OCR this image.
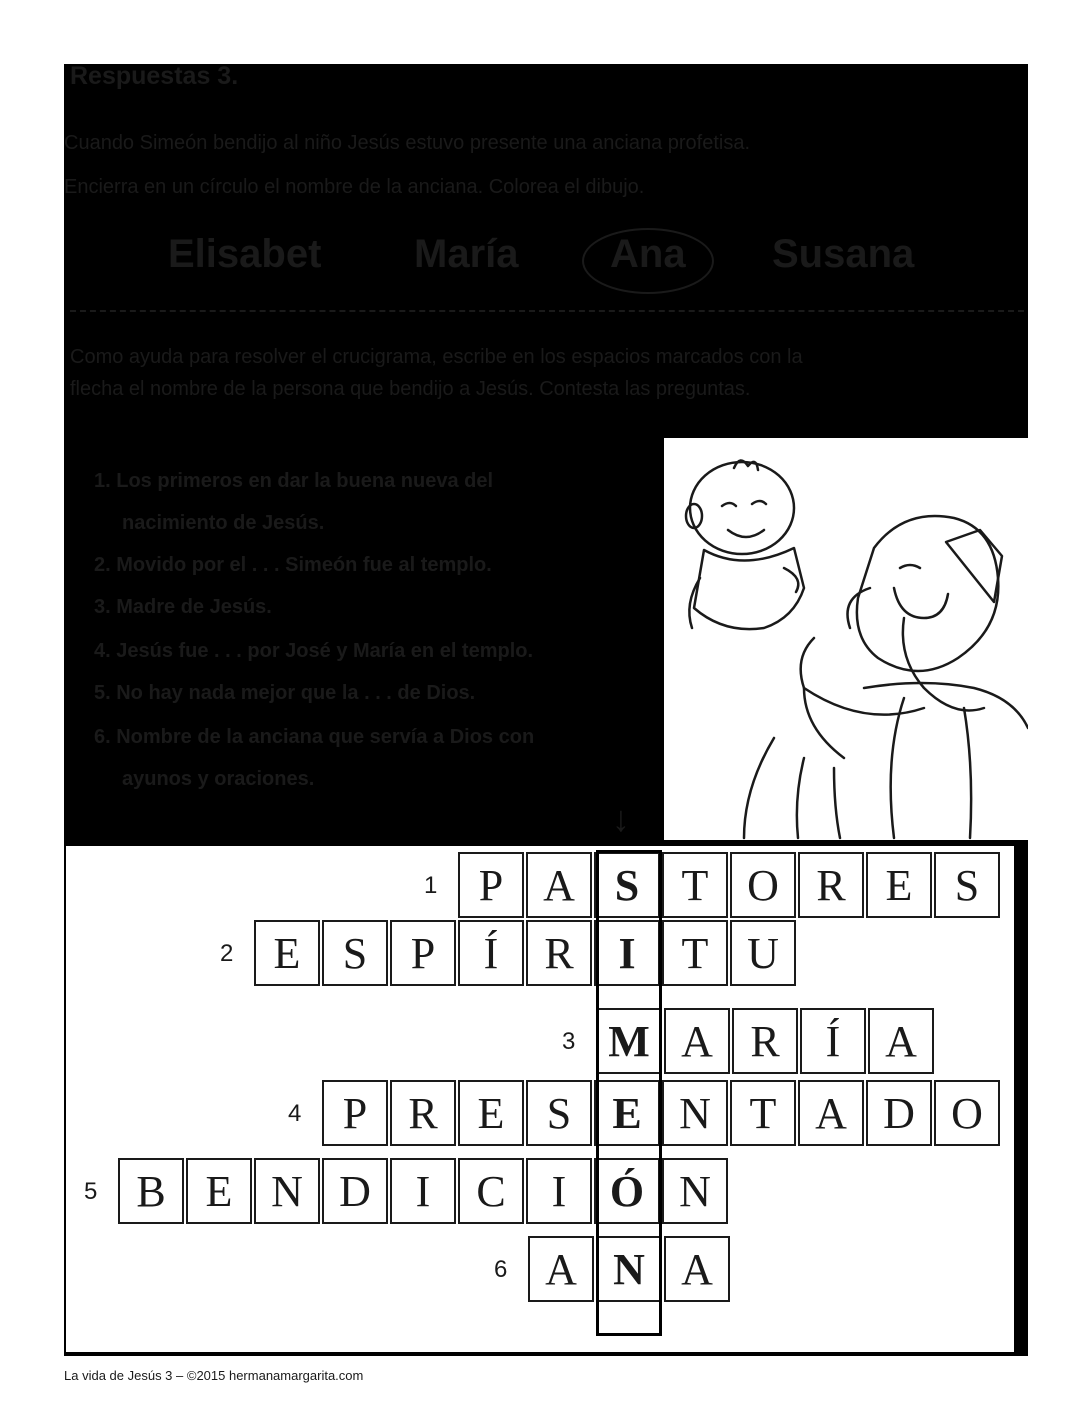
Respuestas 3.
Cuando Simeón bendijo al niño Jesús estuvo presente una anciana profetisa.
Encierra en un círculo el nombre de la anciana. Colorea el dibujo.
Elisabet María Ana Susana
Como ayuda para resolver el crucigrama, escribe en los espacios marcados con la
flecha el nombre de la persona que bendijo a Jesús. Contesta las preguntas.
1. Los primeros en dar la buena nueva del
nacimiento de Jesús.
2. Movido por el . . . Simeón fue al templo.
3. Madre de Jesús.
4. Jesús fue . . . por José y María en el templo.
5. No hay nada mejor que la . . . de Dios.
6. Nombre de la anciana que servía a Dios con
ayunos y oraciones.
↓
1 P A S T O R E S
2 E S P	Í	R	I	T U
3 M A R	Í	A
4 P R E S E N T A D O
5 B E N D	I	C	I Ó N
6 A N A
La vida de Jesús 3 – ©2015 hermanamargarita.com
